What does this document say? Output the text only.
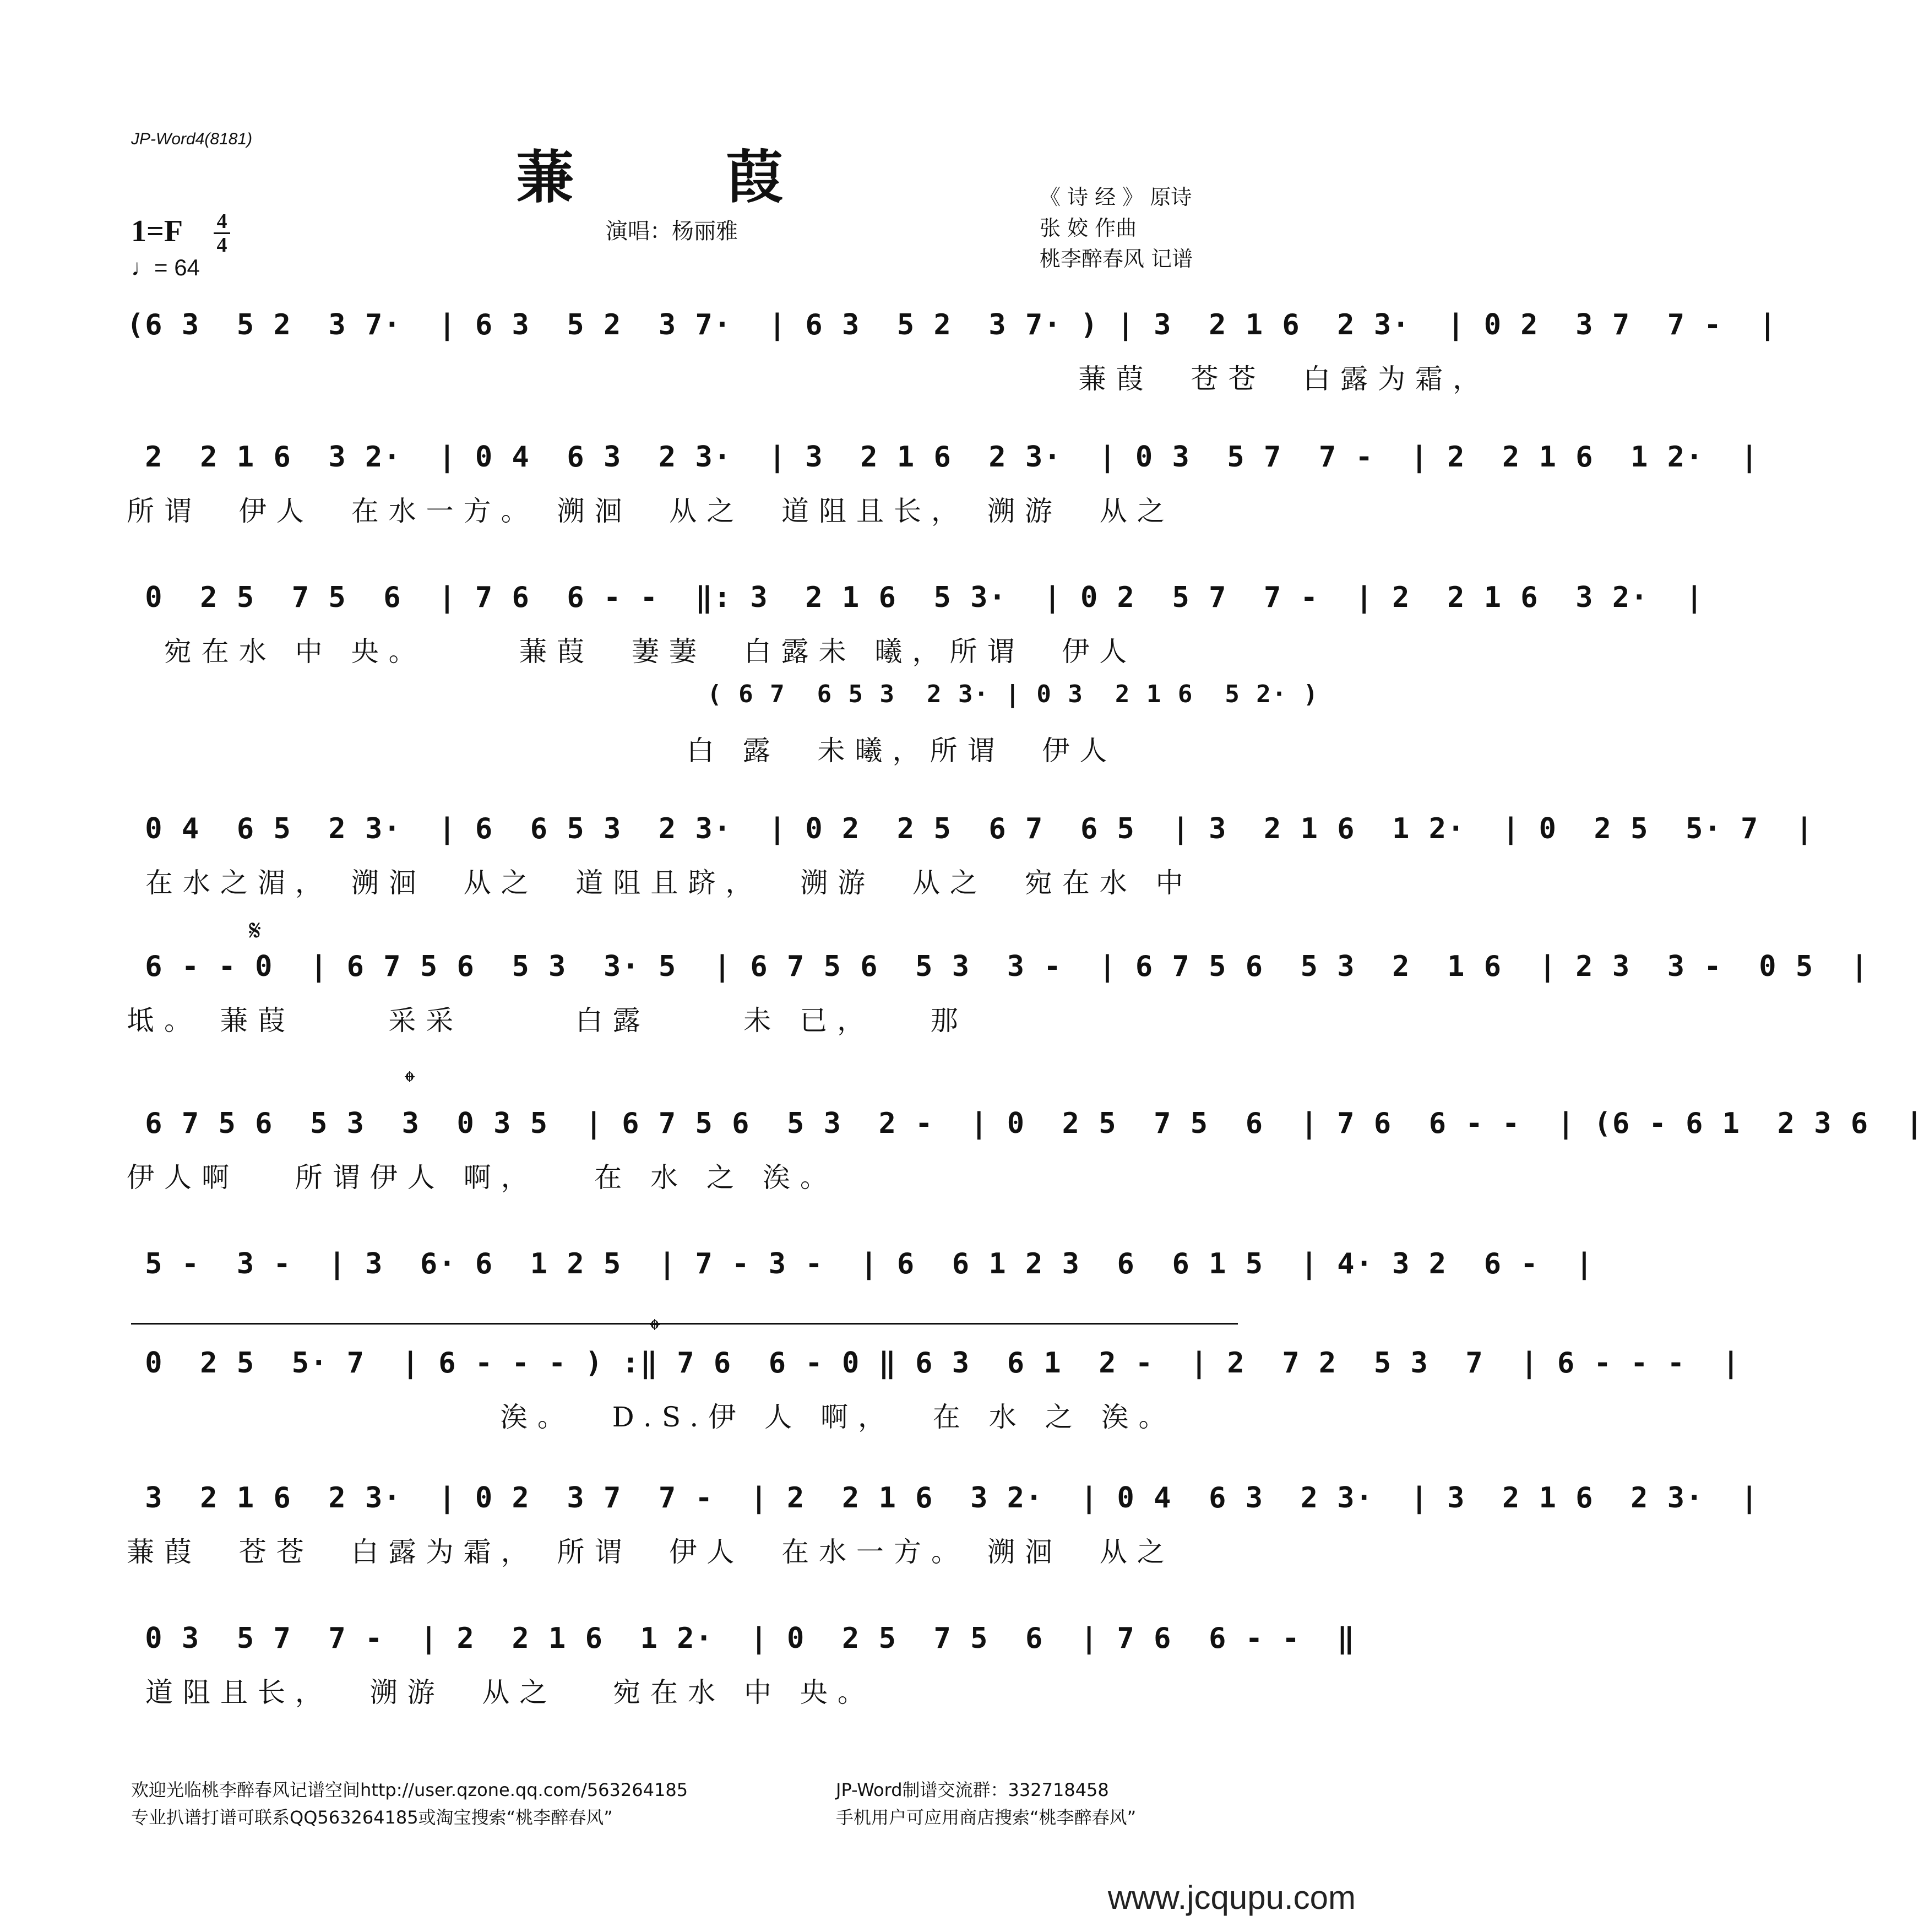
JP-Word4(8181)
蒹 葭
1=F 4
4
♩= 64
演唱：杨丽雅
《 诗 经 》 原诗
张 姣 作曲
桃李醉春风 记谱
(6 3  5 2  3 7·  | 6 3  5 2  3 7·  | 6 3  5 2  3 7· ) | 3  2 1 6  2 3·  | 0 2  3 7  7 -  |
蒹葭  苍苍  白露为霜，
2  2 1 6  3 2·  | 0 4  6 3  2 3·  | 3  2 1 6  2 3·  | 0 3  5 7  7 -  | 2  2 1 6  1 2·  |
所谓  伊人  在水一方。 溯洄  从之  道阻且长， 溯游  从之
0  2 5  7 5  6  | 7 6  6 - -  ‖: 3  2 1 6  5 3·  | 0 2  5 7  7 -  | 2  2 1 6  3 2·  |
宛在水 中 央。     蒹葭  萋萋  白露未 曦，所谓  伊人
( 6 7  6 5 3  2 3· | 0 3  2 1 6  5 2· )
白 露  未曦，所谓  伊人
0 4  6 5  2 3·  | 6  6 5 3  2 3·  | 0 2  2 5  6 7  6 5  | 3  2 1 6  1 2·  | 0  2 5  5· 7  |
在水之湄， 溯洄  从之  道阻且跻，  溯游  从之  宛在水 中
𝄋
6 - - 0  | 6 7 5 6  5 3  3· 5  | 6 7 5 6  5 3  3 -  | 6 7 5 6  5 3  2  1 6  | 2 3  3 -  0 5  |
坻。 蒹葭     采采      白露     未 已，   那
𝄌
6 7 5 6  5 3  3  0 3 5  | 6 7 5 6  5 3  2 -  | 0  2 5  7 5  6  | 7 6  6 - -  | (6 - 6 1  2 3 6  |
伊人啊   所谓伊人 啊，   在 水 之 涘。
5 -  3 -  | 3  6· 6  1 2 5  | 7 - 3 -  | 6  6 1 2 3  6  6 1 5  | 4· 3 2  6 -  |
𝄌
0  2 5  5· 7  | 6 - - - ) :‖ 7 6  6 - 0 ‖ 6 3  6 1  2 -  | 2  7 2  5 3  7  | 6 - - -  |
涘。  D.S.伊 人 啊，  在 水 之 涘。
3  2 1 6  2 3·  | 0 2  3 7  7 -  | 2  2 1 6  3 2·  | 0 4  6 3  2 3·  | 3  2 1 6  2 3·  |
蒹葭  苍苍  白露为霜， 所谓  伊人  在水一方。 溯洄  从之
0 3  5 7  7 -  | 2  2 1 6  1 2·  | 0  2 5  7 5  6  | 7 6  6 - -  ‖
道阻且长，  溯游  从之   宛在水 中 央。
欢迎光临桃李醉春风记谱空间http://user.qzone.qq.com/563264185	JP-Word制谱交流群：332718458
专业扒谱打谱可联系QQ563264185或淘宝搜索“桃李醉春风”	手机用户可应用商店搜索“桃李醉春风”
www.jcqupu.com
